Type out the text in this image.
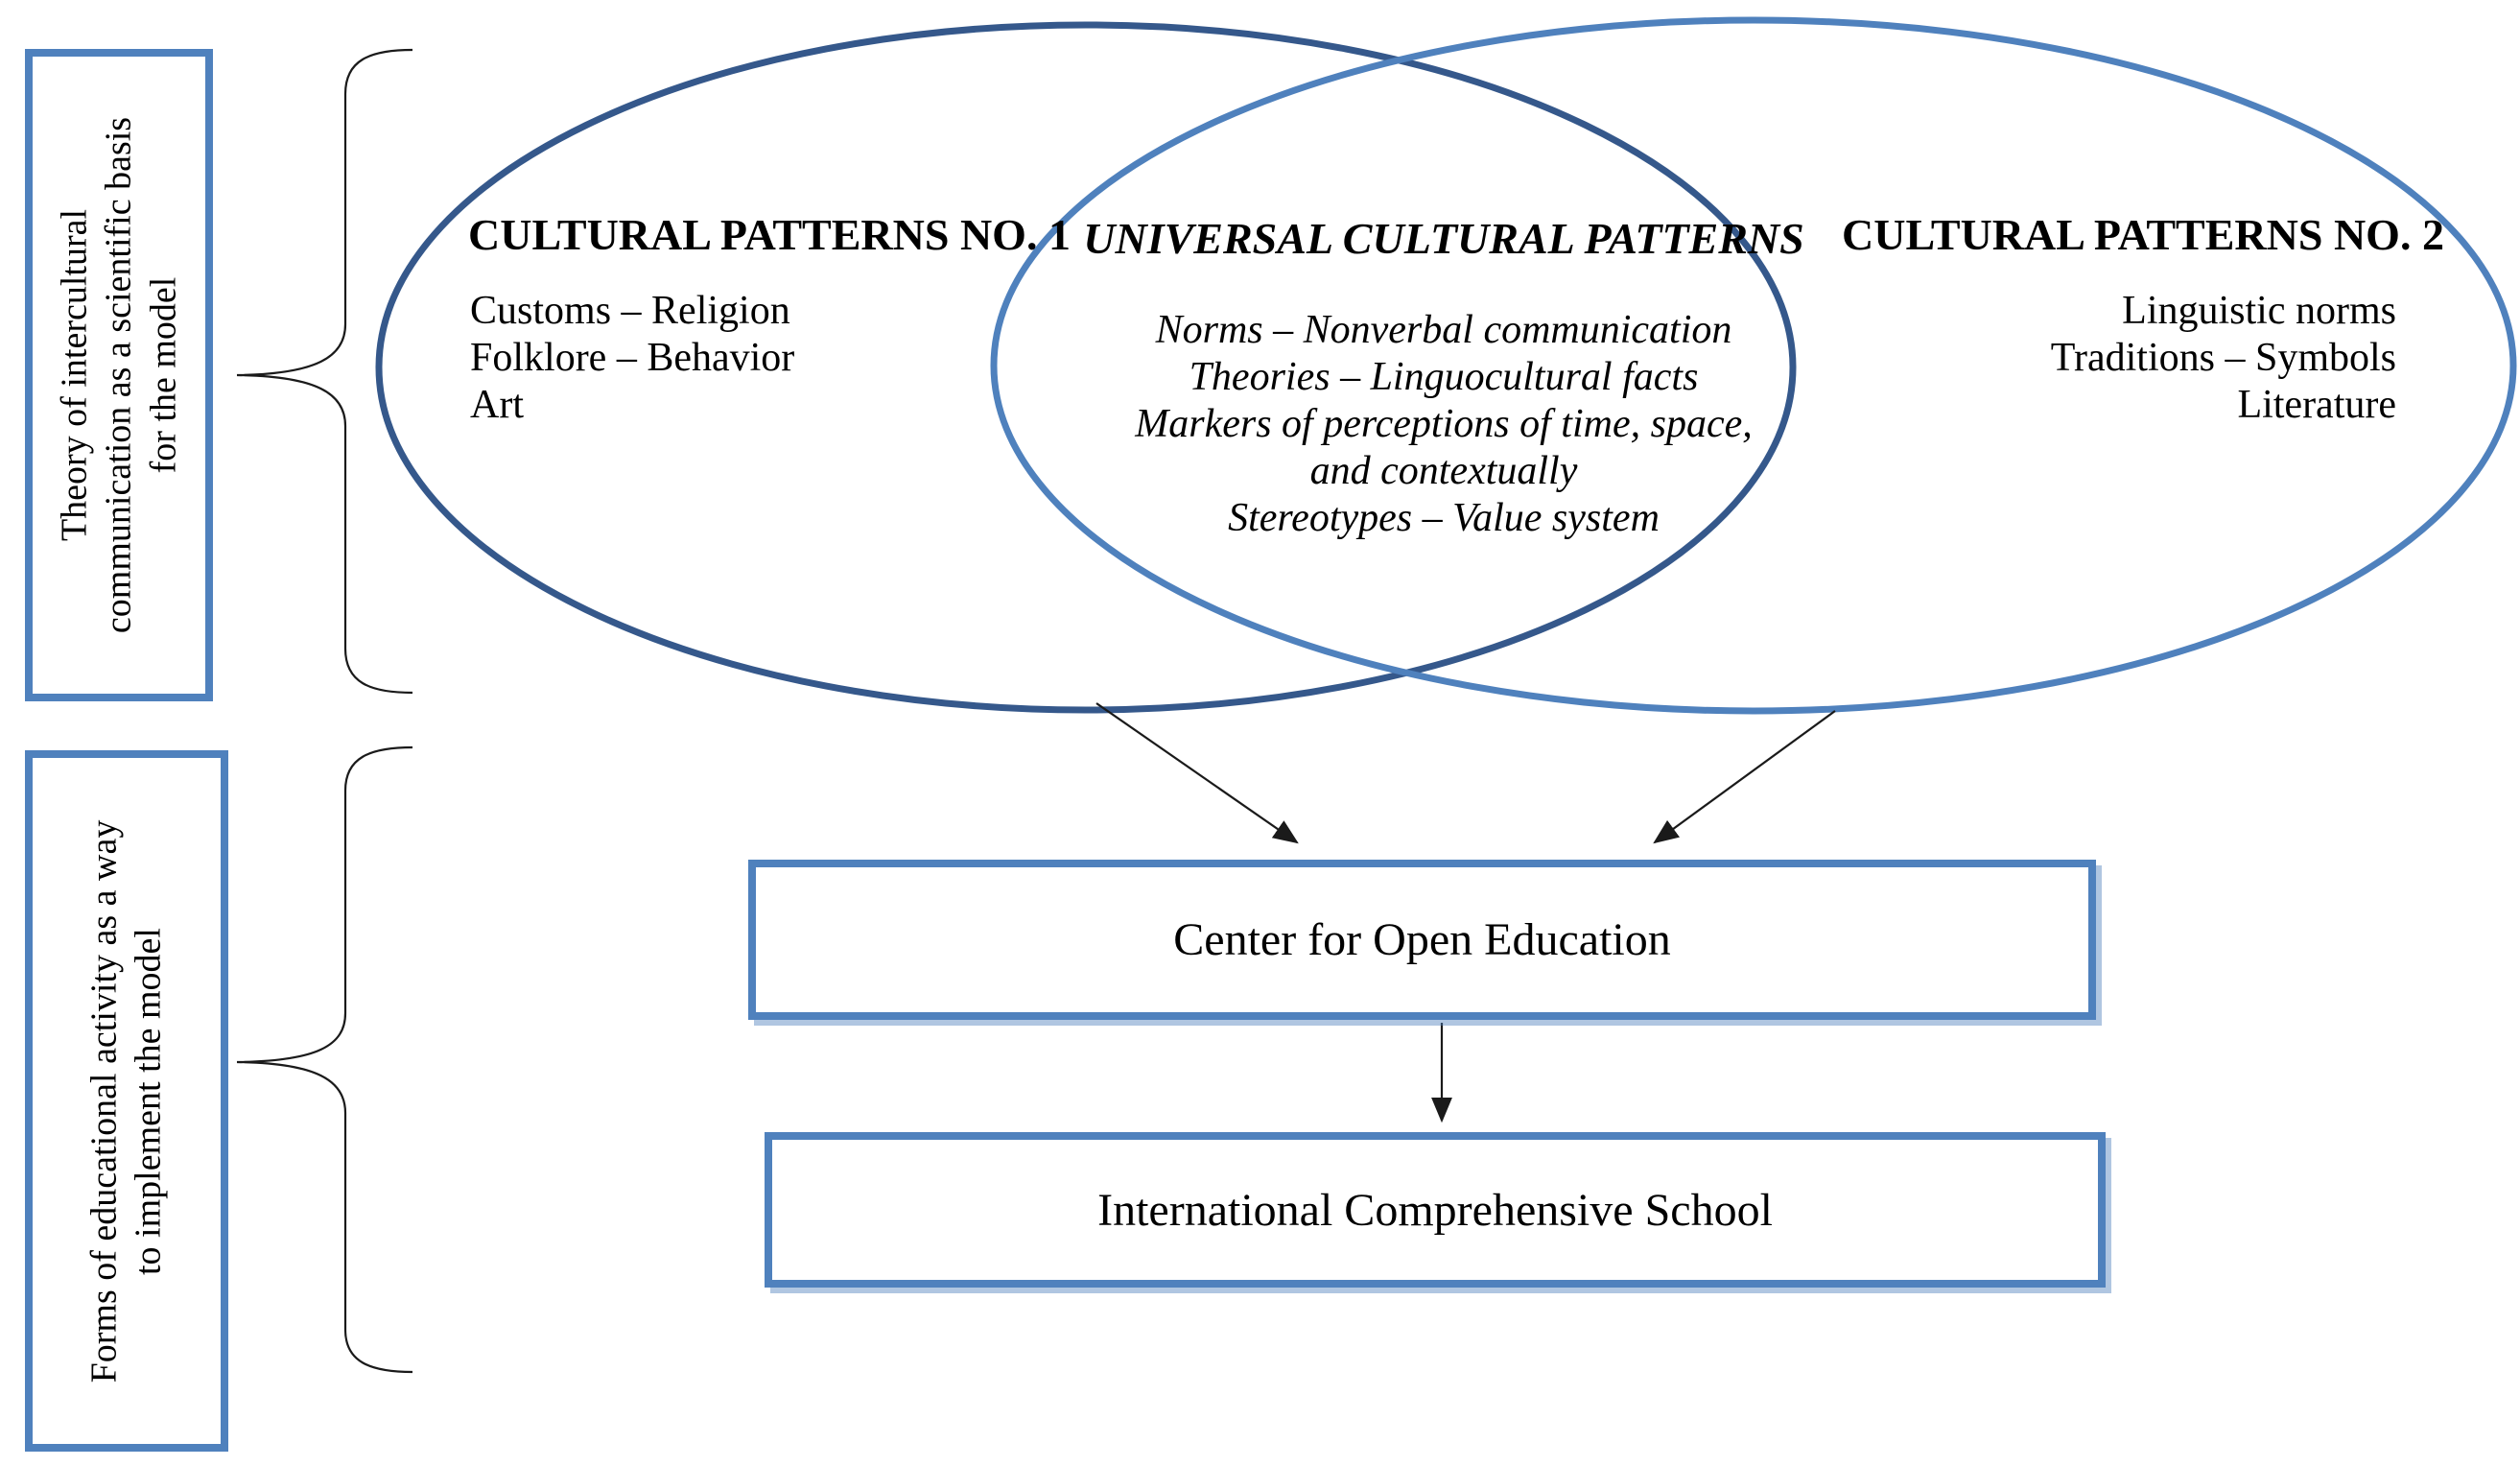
Theory of intercultural communication as a scientific basis for the model
Forms of educational activity as a way to implement the model
CULTURAL PATTERNS NO. 1
Customs – Religion
Folklore – Behavior
Art
UNIVERSAL CULTURAL PATTERNS
Norms – Nonverbal communication
Theories – Linguocultural facts
Markers of perceptions of time, space,
and contextually
Stereotypes – Value system
CULTURAL PATTERNS NO. 2
Linguistic norms
Traditions – Symbols
Literature
Center for Open Education
International Comprehensive School
